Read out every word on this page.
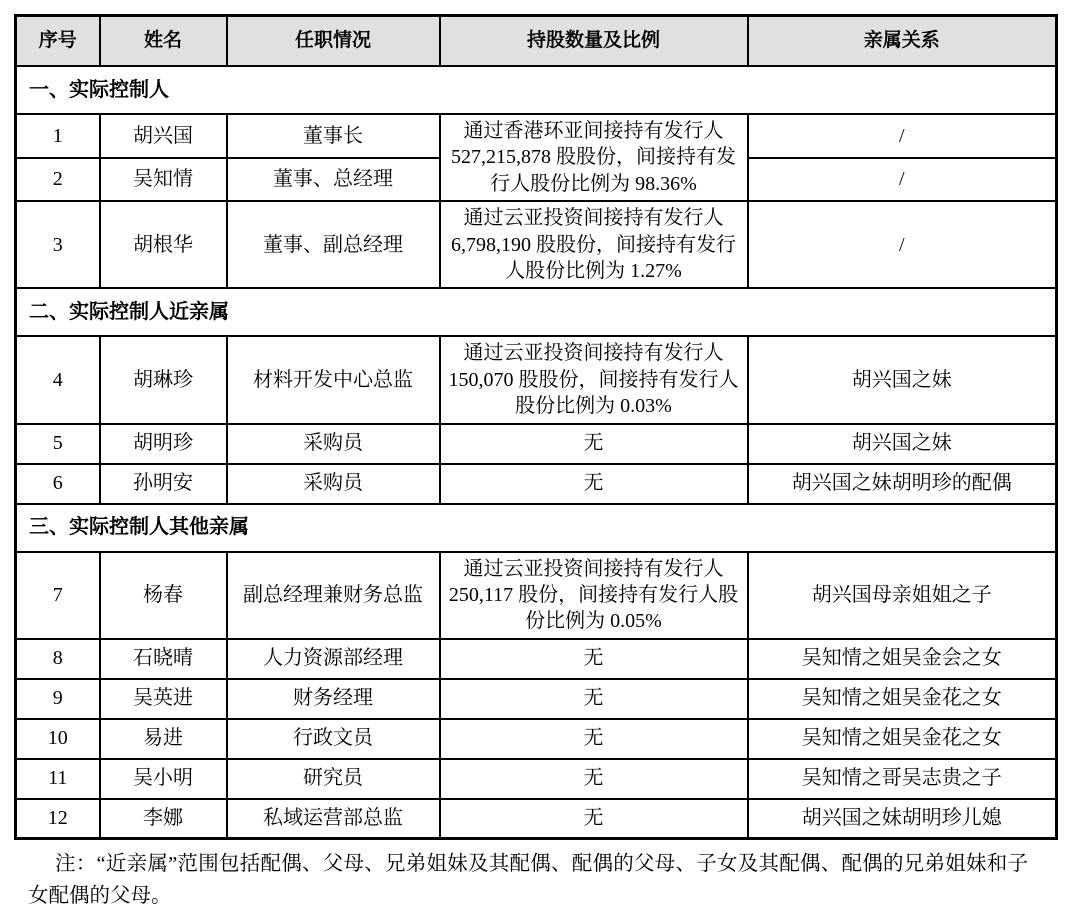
序号	姓名	任职情况	持股数量及比例	亲属关系
一、实际控制人				
1	胡兴国	董事长	通过香港环亚间接持有发行人 527,215,878 股股份，间接持有发行人股份比例为 98.36%	/
2	吴知情	董事、总经理		/
3	胡根华	董事、副总经理	通过云亚投资间接持有发行人 6,798,190 股股份，间接持有发行人股份比例为 1.27%	/
二、实际控制人近亲属				
4	胡琳珍	材料开发中心总监	通过云亚投资间接持有发行人 150,070 股股份，间接持有发行人股份比例为 0.03%	胡兴国之妹
5	胡明珍	采购员	无	胡兴国之妹
6	孙明安	采购员	无	胡兴国之妹胡明珍的配偶
三、实际控制人其他亲属				
7	杨春	副总经理兼财务总监	通过云亚投资间接持有发行人 250,117 股份，间接持有发行人股份比例为 0.05%	胡兴国母亲姐姐之子
8	石晓晴	人力资源部经理	无	吴知情之姐吴金会之女
9	吴英进	财务经理	无	吴知情之姐吴金花之女
10	易进	行政文员	无	吴知情之姐吴金花之女
11	吴小明	研究员	无	吴知情之哥吴志贵之子
12	李娜	私域运营部总监	无	胡兴国之妹胡明珍儿媳

注：“近亲属”范围包括配偶、父母、兄弟姐妹及其配偶、配偶的父母、子女及其配偶、配偶的兄弟姐妹和子女配偶的父母。
